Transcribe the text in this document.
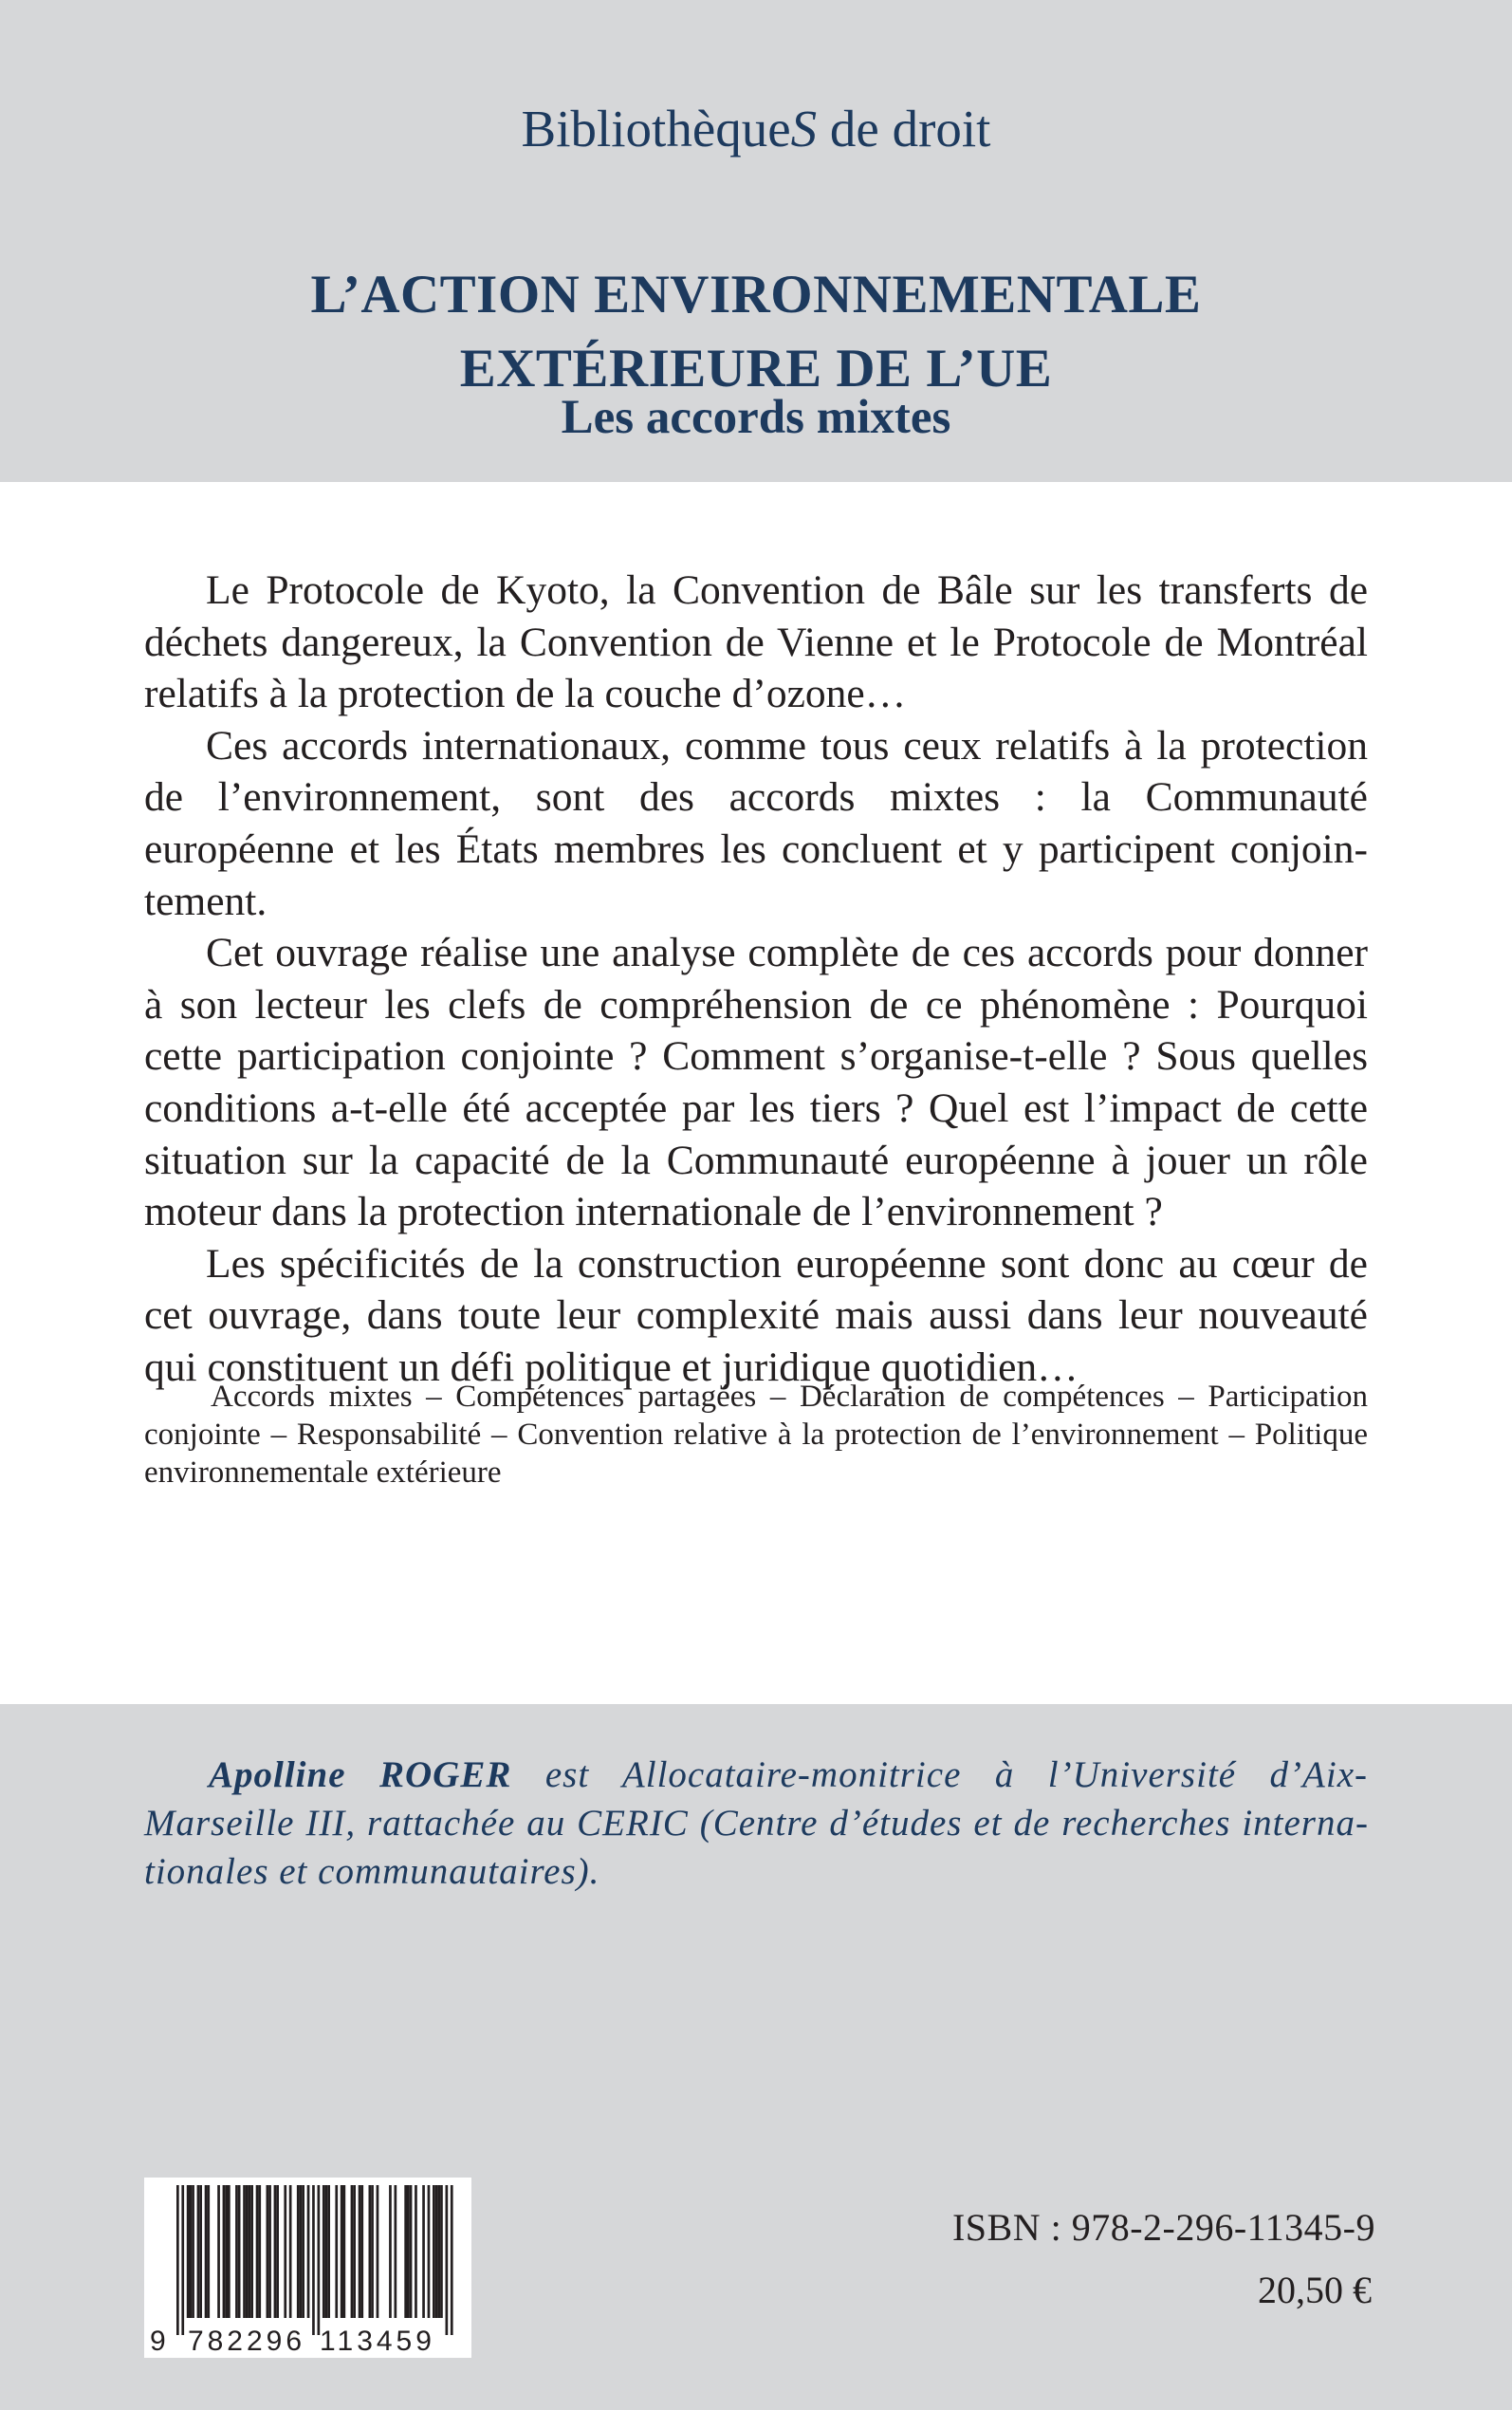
BibliothèqueS de droit
L’ACTION ENVIRONNEMENTALE
EXTÉRIEURE DE L’UE
Les accords mixtes

Le Protocole de Kyoto, la Convention de Bâle sur les transferts de déchets dangereux, la Convention de Vienne et le Protocole de Montréal relatifs à la protection de la couche d’ozone…

Ces accords internationaux, comme tous ceux relatifs à la protection de l’environnement, sont des accords mixtes : la Communauté européenne et les États membres les concluent et y participent conjointement.

Cet ouvrage réalise une analyse complète de ces accords pour donner à son lecteur les clefs de compréhension de ce phénomène : Pourquoi cette participation conjointe ? Comment s’organise-t-elle ? Sous quelles conditions a-t-elle été acceptée par les tiers ? Quel est l’impact de cette situation sur la capacité de la Communauté européenne à jouer un rôle moteur dans la protection internationale de l’environnement ?

Les spécificités de la construction européenne sont donc au cœur de cet ouvrage, dans toute leur complexité mais aussi dans leur nouveauté qui constituent un défi politique et juridique quotidien…

Accords mixtes – Compétences partagées – Déclaration de compétences – Participation conjointe – Responsabilité – Convention relative à la protection de l’environnement – Politique environnementale extérieure

Apolline ROGER est Allocataire-monitrice à l’Université d’Aix-Marseille III, rattachée au CERIC (Centre d’études et de recherches internationales et communautaires).

9 782296 113459
ISBN : 978-2-296-11345-9
20,50 €
